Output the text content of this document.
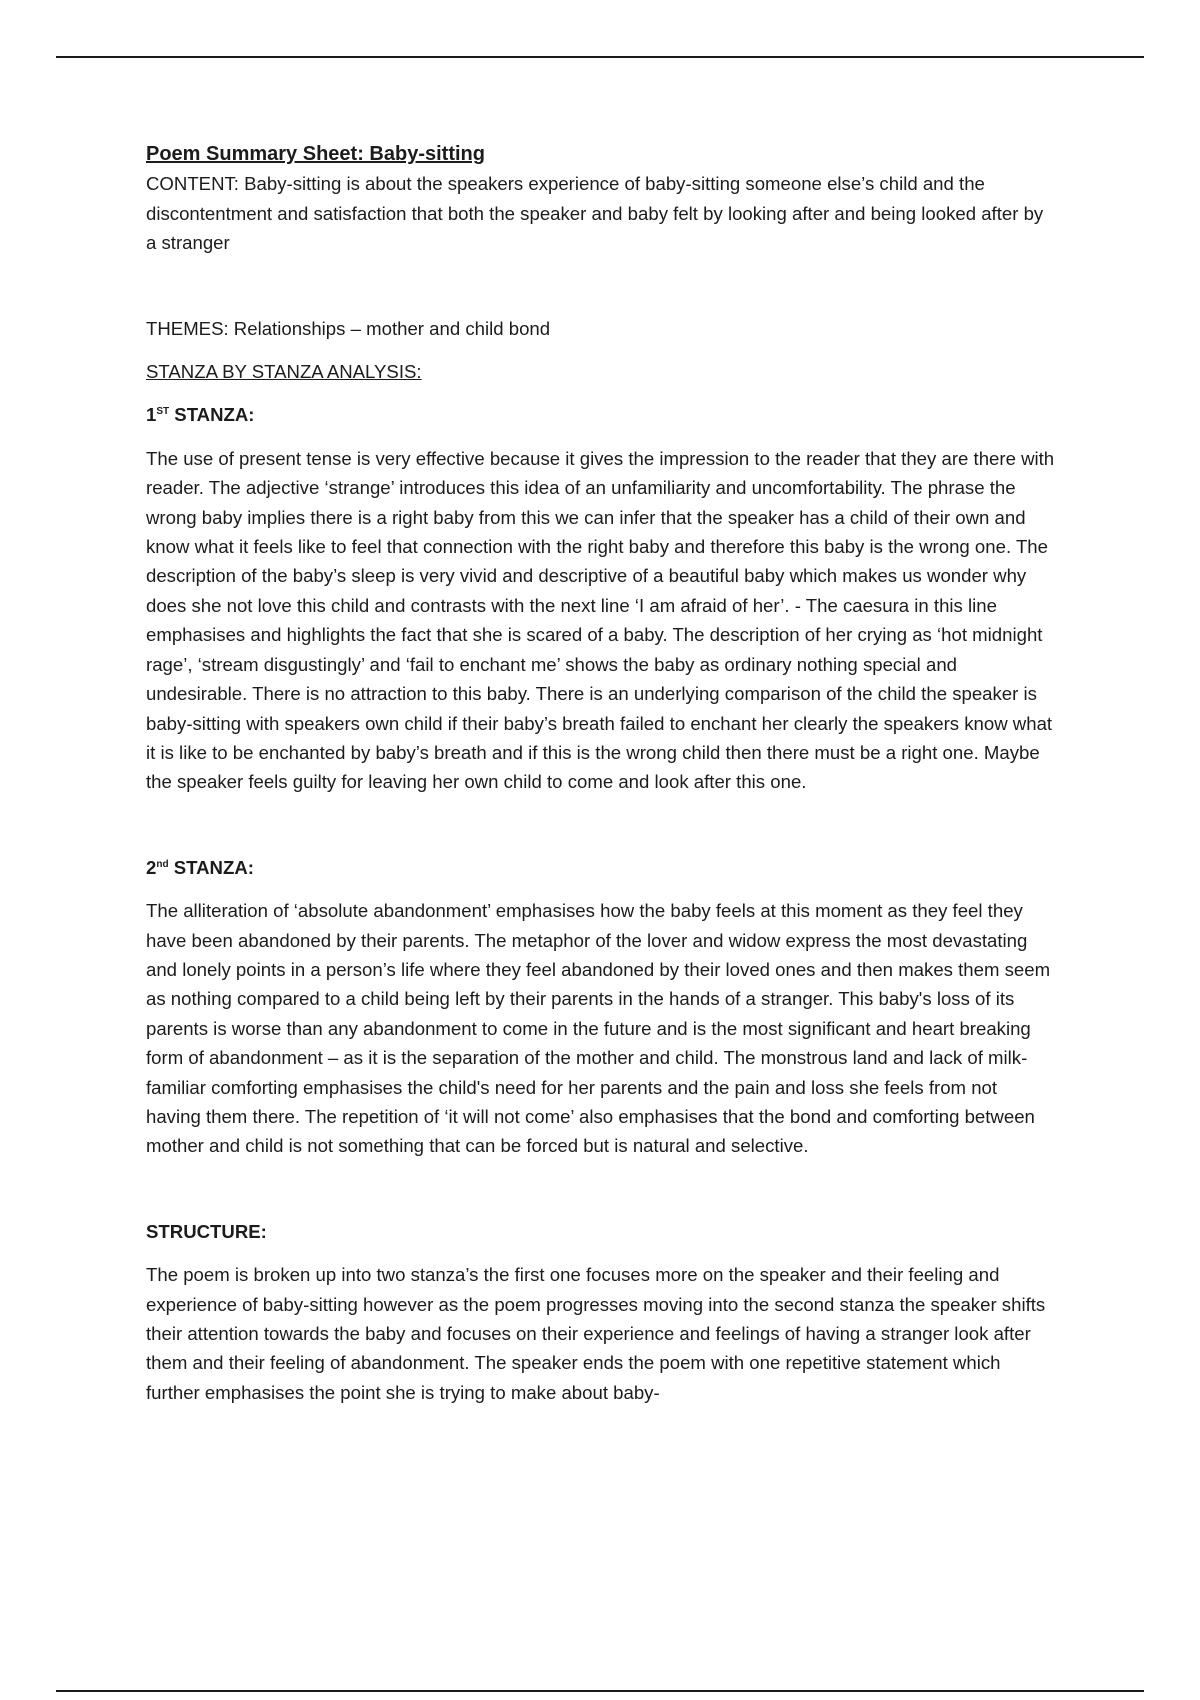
Poem Summary Sheet: Baby-sitting

CONTENT: Baby-sitting is about the speakers experience of baby-sitting someone else’s child and the discontentment and satisfaction that both the speaker and baby felt by looking after and being looked after by a stranger

THEMES: Relationships – mother and child bond

STANZA BY STANZA ANALYSIS:

1ST STANZA:

The use of present tense is very effective because it gives the impression to the reader that they are there with reader. The adjective ‘strange’ introduces this idea of an unfamiliarity and uncomfortability. The phrase the wrong baby implies there is a right baby from this we can infer that the speaker has a child of their own and know what it feels like to feel that connection with the right baby and therefore this baby is the wrong one. The description of the baby’s sleep is very vivid and descriptive of a beautiful baby which makes us wonder why does she not love this child and contrasts with the next line ‘I am afraid of her’. - The caesura in this line emphasises and highlights the fact that she is scared of a baby. The description of her crying as ‘hot midnight rage’, ‘stream disgustingly’ and ‘fail to enchant me’ shows the baby as ordinary nothing special and undesirable. There is no attraction to this baby. There is an underlying comparison of the child the speaker is baby-sitting with speakers own child if their baby’s breath failed to enchant her clearly the speakers know what it is like to be enchanted by baby’s breath and if this is the wrong child then there must be a right one. Maybe the speaker feels guilty for leaving her own child to come and look after this one.

2nd STANZA:

The alliteration of ‘absolute abandonment’ emphasises how the baby feels at this moment as they feel they have been abandoned by their parents. The metaphor of the lover and widow express the most devastating and lonely points in a person’s life where they feel abandoned by their loved ones and then makes them seem as nothing compared to a child being left by their parents in the hands of a stranger. This baby's loss of its parents is worse than any abandonment to come in the future and is the most significant and heart breaking form of abandonment – as it is the separation of the mother and child. The monstrous land and lack of milk-familiar comforting emphasises the child's need for her parents and the pain and loss she feels from not having them there. The repetition of ‘it will not come’ also emphasises that the bond and comforting between mother and child is not something that can be forced but is natural and selective.

STRUCTURE:

The poem is broken up into two stanza’s the first one focuses more on the speaker and their feeling and experience of baby-sitting however as the poem progresses moving into the second stanza the speaker shifts their attention towards the baby and focuses on their experience and feelings of having a stranger look after them and their feeling of abandonment. The speaker ends the poem with one repetitive statement which further emphasises the point she is trying to make about baby-
